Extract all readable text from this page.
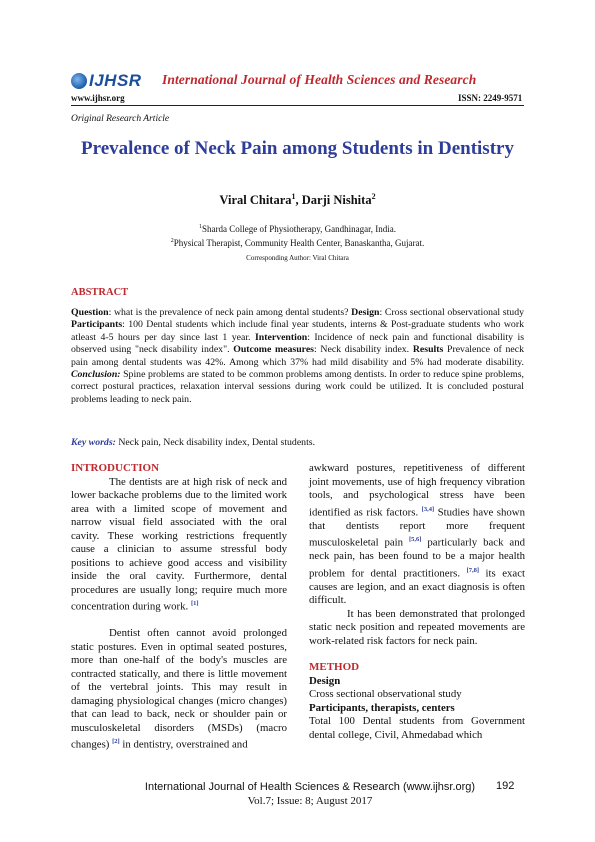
IJHSR International Journal of Health Sciences and Research
www.ijhsr.org	ISSN: 2249-9571
Original Research Article
Prevalence of Neck Pain among Students in Dentistry
Viral Chitara$^1$, Darji Nishita$^2$
$^1$Sharda College of Physiotherapy, Gandhinagar, India.
$^2$Physical Therapist, Community Health Center, Banaskantha, Gujarat.
Corresponding Author: Viral Chitara
ABSTRACT
Question: what is the prevalence of neck pain among dental students? Design: Cross sectional observational study Participants: 100 Dental students which include final year students, interns & Post-graduate students who work atleast 4-5 hours per day since last 1 year. Intervention: Incidence of neck pain and functional disability is observed using "neck disability index". Outcome measures: Neck disability index. Results Prevalence of neck pain among dental students was 42%. Among which 37% had mild disability and 5% had moderate disability. Conclusion: Spine problems are stated to be common problems among dentists. In order to reduce spine problems, correct postural practices, relaxation interval sessions during work could be utilized. It is concluded postural problems leading to neck pain.
Key words: Neck pain, Neck disability index, Dental students.
INTRODUCTION

The dentists are at high risk of neck and lower backache problems due to the limited work area with a limited scope of movement and narrow visual field associated with the oral cavity. These working restrictions frequently cause a clinician to assume stressful body positions to achieve good access and visibility inside the oral cavity. Furthermore, dental procedures are usually long; require much more concentration during work. [1]

Dentist often cannot avoid prolonged static postures. Even in optimal seated postures, more than one-half of the body's muscles are contracted statically, and there is little movement of the vertebral joints. This may result in damaging physiological changes (micro changes) that can lead to back, neck or shoulder pain or musculoskeletal disorders (MSDs) (macro changes) [2] in dentistry, overstrained and

awkward postures, repetitiveness of different joint movements, use of high frequency vibration tools, and psychological stress have been identified as risk factors. [3,4] Studies have shown that dentists report more frequent musculoskeletal pain [5,6] particularly back and neck pain, has been found to be a major health problem for dental practitioners. [7,8] its exact causes are legion, and an exact diagnosis is often difficult.

It has been demonstrated that prolonged static neck position and repeated movements are work-related risk factors for neck pain.

METHOD
Design
Cross sectional observational study
Participants, therapists, centers
Total 100 Dental students from Government dental college, Civil, Ahmedabad which
International Journal of Health Sciences & Research (www.ijhsr.org)
Vol.7; Issue: 8; August 2017
192
